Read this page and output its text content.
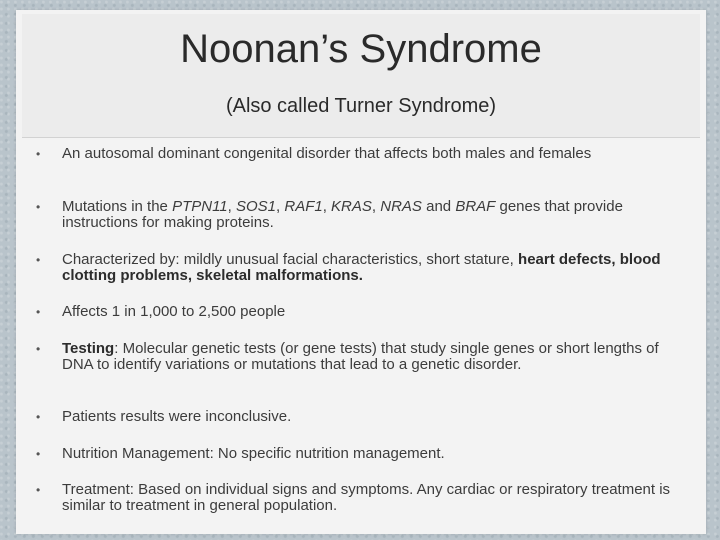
Noonan’s Syndrome

(Also called Turner Syndrome)

• An autosomal dominant congenital disorder that affects both males and females
• Mutations in the PTPN11, SOS1, RAF1, KRAS, NRAS and BRAF genes that provide instructions for making proteins.
• Characterized by: mildly unusual facial characteristics, short stature, heart defects, blood clotting problems, skeletal malformations.
• Affects 1 in 1,000 to 2,500 people
• Testing: Molecular genetic tests (or gene tests) that study single genes or short lengths of DNA to identify variations or mutations that lead to a genetic disorder.
• Patients results were inconclusive.
• Nutrition Management: No specific nutrition management.
• Treatment: Based on individual signs and symptoms. Any cardiac or respiratory treatment is similar to treatment in general population.
